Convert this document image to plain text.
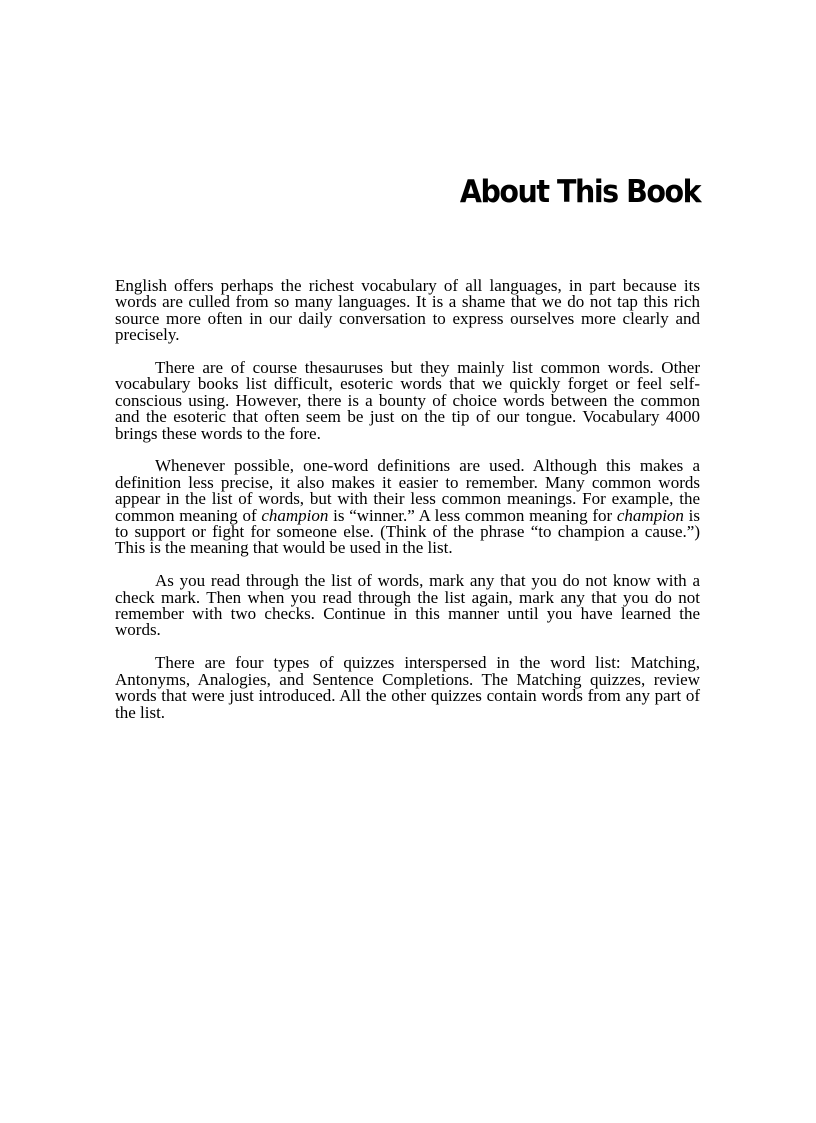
About This Book

English offers perhaps the richest vocabulary of all languages, in part because its words are culled from so many languages. It is a shame that we do not tap this rich source more often in our daily conversation to express ourselves more clearly and precisely.

There are of course thesauruses but they mainly list common words. Other vocabulary books list difficult, esoteric words that we quickly forget or feel self-conscious using. However, there is a bounty of choice words between the common and the esoteric that often seem be just on the tip of our tongue. Vocabulary 4000 brings these words to the fore.

Whenever possible, one-word definitions are used. Although this makes a definition less precise, it also makes it easier to remember. Many common words appear in the list of words, but with their less common meanings. For example, the common meaning of champion is “winner.” A less common meaning for champion is to support or fight for someone else. (Think of the phrase “to champion a cause.”) This is the meaning that would be used in the list.

As you read through the list of words, mark any that you do not know with a check mark. Then when you read through the list again, mark any that you do not remember with two checks. Continue in this manner until you have learned the words.

There are four types of quizzes interspersed in the word list: Matching, Antonyms, Analogies, and Sentence Completions. The Matching quizzes, review words that were just introduced. All the other quizzes contain words from any part of the list.
